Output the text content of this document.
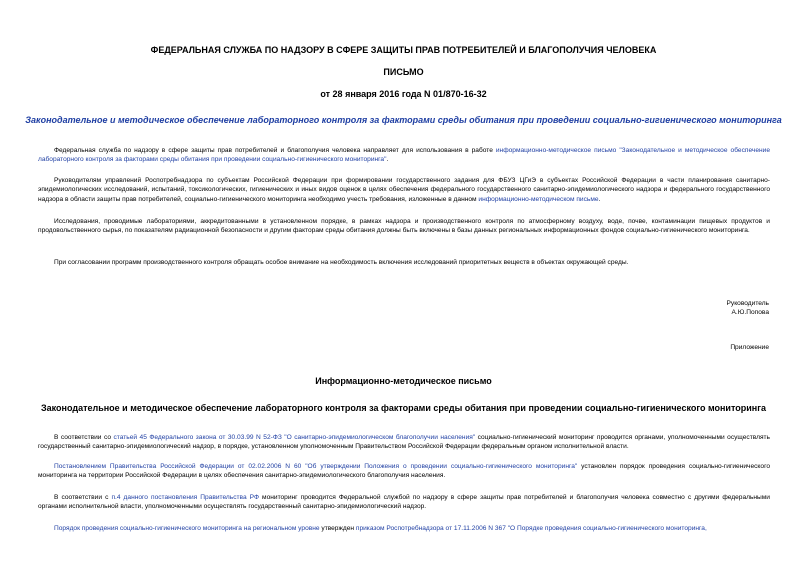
ФЕДЕРАЛЬНАЯ СЛУЖБА ПО НАДЗОРУ В СФЕРЕ ЗАЩИТЫ ПРАВ ПОТРЕБИТЕЛЕЙ И БЛАГОПОЛУЧИЯ ЧЕЛОВЕКА

ПИСЬМО

от 28 января 2016 года N 01/870-16-32

Законодательное и методическое обеспечение лабораторного контроля за факторами среды обитания при проведении социально-гигиенического мониторинга

Федеральная служба по надзору в сфере защиты прав потребителей и благополучия человека направляет для использования в работе информационно-методическое письмо "Законодательное и методическое обеспечение лабораторного контроля за факторами среды обитания при проведении социально-гигиенического мониторинга".

Руководителям управлений Роспотребнадзора по субъектам Российской Федерации при формировании государственного задания для ФБУЗ ЦГиЭ в субъектах Российской Федерации в части планирования санитарно-эпидемиологических исследований, испытаний, токсикологических, гигиенических и иных видов оценок в целях обеспечения федерального государственного санитарно-эпидемиологического надзора и федерального государственного надзора в области защиты прав потребителей, социально-гигиенического мониторинга необходимо учесть требования, изложенные в данном информационно-методическом письме.

Исследования, проводимые лабораториями, аккредитованными в установленном порядке, в рамках надзора и производственного контроля по атмосферному воздуху, воде, почве, контаминации пищевых продуктов и продовольственного сырья, по показателям радиационной безопасности и другим факторам среды обитания должны быть включены в базы данных региональных информационных фондов социально-гигиенического мониторинга.

При согласовании программ производственного контроля обращать особое внимание на необходимость включения исследований приоритетных веществ в объектах окружающей среды.

Руководитель
А.Ю.Попова

Приложение

Информационно-методическое письмо

Законодательное и методическое обеспечение лабораторного контроля за факторами среды обитания при проведении социально-гигиенического мониторинга

В соответствии со статьей 45 Федерального закона от 30.03.99 N 52-ФЗ "О санитарно-эпидемиологическом благополучии населения" социально-гигиенический мониторинг проводится органами, уполномоченными осуществлять государственный санитарно-эпидемиологический надзор, в порядке, установленном уполномоченным Правительством Российской Федерации федеральным органом исполнительной власти.

Постановлением Правительства Российской Федерации от 02.02.2006 N 60 "Об утверждении Положения о проведении социально-гигиенического мониторинга" установлен порядок проведения социально-гигиенического мониторинга на территории Российской Федерации в целях обеспечения санитарно-эпидемиологического благополучия населения.

В соответствии с п.4 данного постановления Правительства РФ мониторинг проводится Федеральной службой по надзору в сфере защиты прав потребителей и благополучия человека совместно с другими федеральными органами исполнительной власти, уполномоченными осуществлять государственный санитарно-эпидемиологический надзор.

Порядок проведения социально-гигиенического мониторинга на региональном уровне утвержден приказом Роспотребнадзора от 17.11.2006 N 367 "О Порядке проведения социально-гигиенического мониторинга,
